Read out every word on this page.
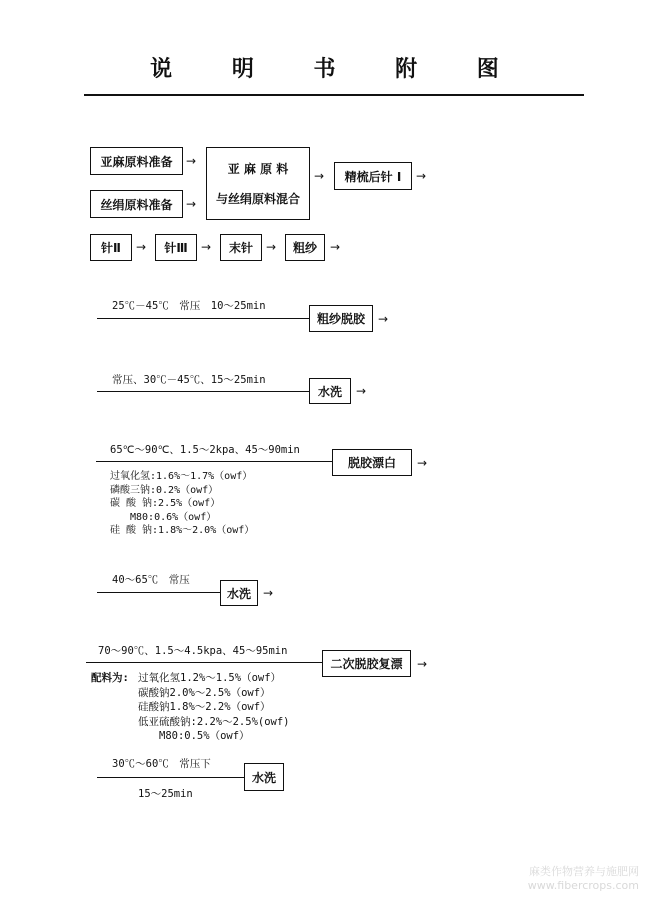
说 明 书 附 图
亚麻原料准备
丝绢原料准备
→
→
亚 麻 原 料
与丝绢原料混合
→	精梳后针 I	→
针Ⅱ	→	针Ⅲ	→	末针	→	粗纱	→
25℃－45℃　常压　10～25min
粗纱脱胶	→
常压、30℃－45℃、15～25min
水洗	→
65℃～90℃、1.5～2kpa、45～90min
脱胶漂白	→
过氧化氢:1.6%～1.7%（owf）
磷酸三钠:0.2%（owf）
碳 酸 钠:2.5%（owf）
　　M80:0.6%（owf）
硅 酸 钠:1.8%～2.0%（owf）
40～65℃　常压
水洗	→
70～90℃、1.5～4.5kpa、45～95min
二次脱胶复漂	→
配料为: 过氧化氢1.2%～1.5%（owf）
碳酸钠2.0%～2.5%（owf）
硅酸钠1.8%～2.2%（owf）
低亚硫酸钠:2.2%～2.5%(owf)
　　M80:0.5%（owf）
30℃～60℃　常压下
15～25min
水洗
麻类作物营养与施肥网
www.fibercrops.com
